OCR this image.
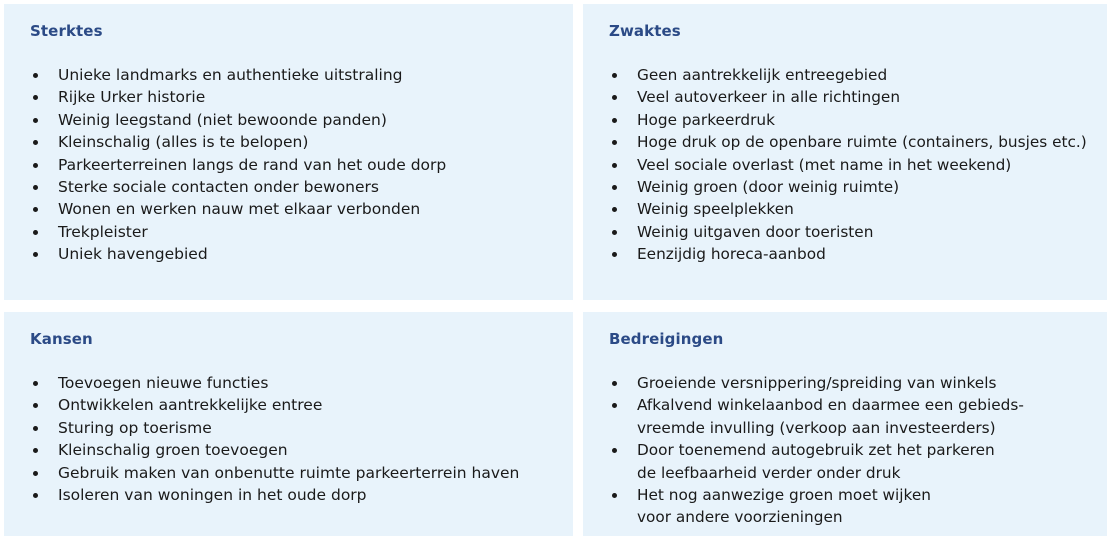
Sterktes
Unieke landmarks en authentieke uitstraling
Rijke Urker historie
Weinig leegstand (niet bewoonde panden)
Kleinschalig (alles is te belopen)
Parkeerterreinen langs de rand van het oude dorp
Sterke sociale contacten onder bewoners
Wonen en werken nauw met elkaar verbonden
Trekpleister
Uniek havengebied
Zwaktes
Geen aantrekkelijk entreegebied
Veel autoverkeer in alle richtingen
Hoge parkeerdruk
Hoge druk op de openbare ruimte (containers, busjes etc.)
Veel sociale overlast (met name in het weekend)
Weinig groen (door weinig ruimte)
Weinig speelplekken
Weinig uitgaven door toeristen
Eenzijdig horeca-aanbod
Kansen
Toevoegen nieuwe functies
Ontwikkelen aantrekkelijke entree
Sturing op toerisme
Kleinschalig groen toevoegen
Gebruik maken van onbenutte ruimte parkeerterrein haven
Isoleren van woningen in het oude dorp
Bedreigingen
Groeiende versnippering/spreiding van winkels
Afkalvend winkelaanbod en daarmee een gebieds-
vreemde invulling (verkoop aan investeerders)
Door toenemend autogebruik zet het parkeren
de leefbaarheid verder onder druk
Het nog aanwezige groen moet wijken
voor andere voorzieningen
